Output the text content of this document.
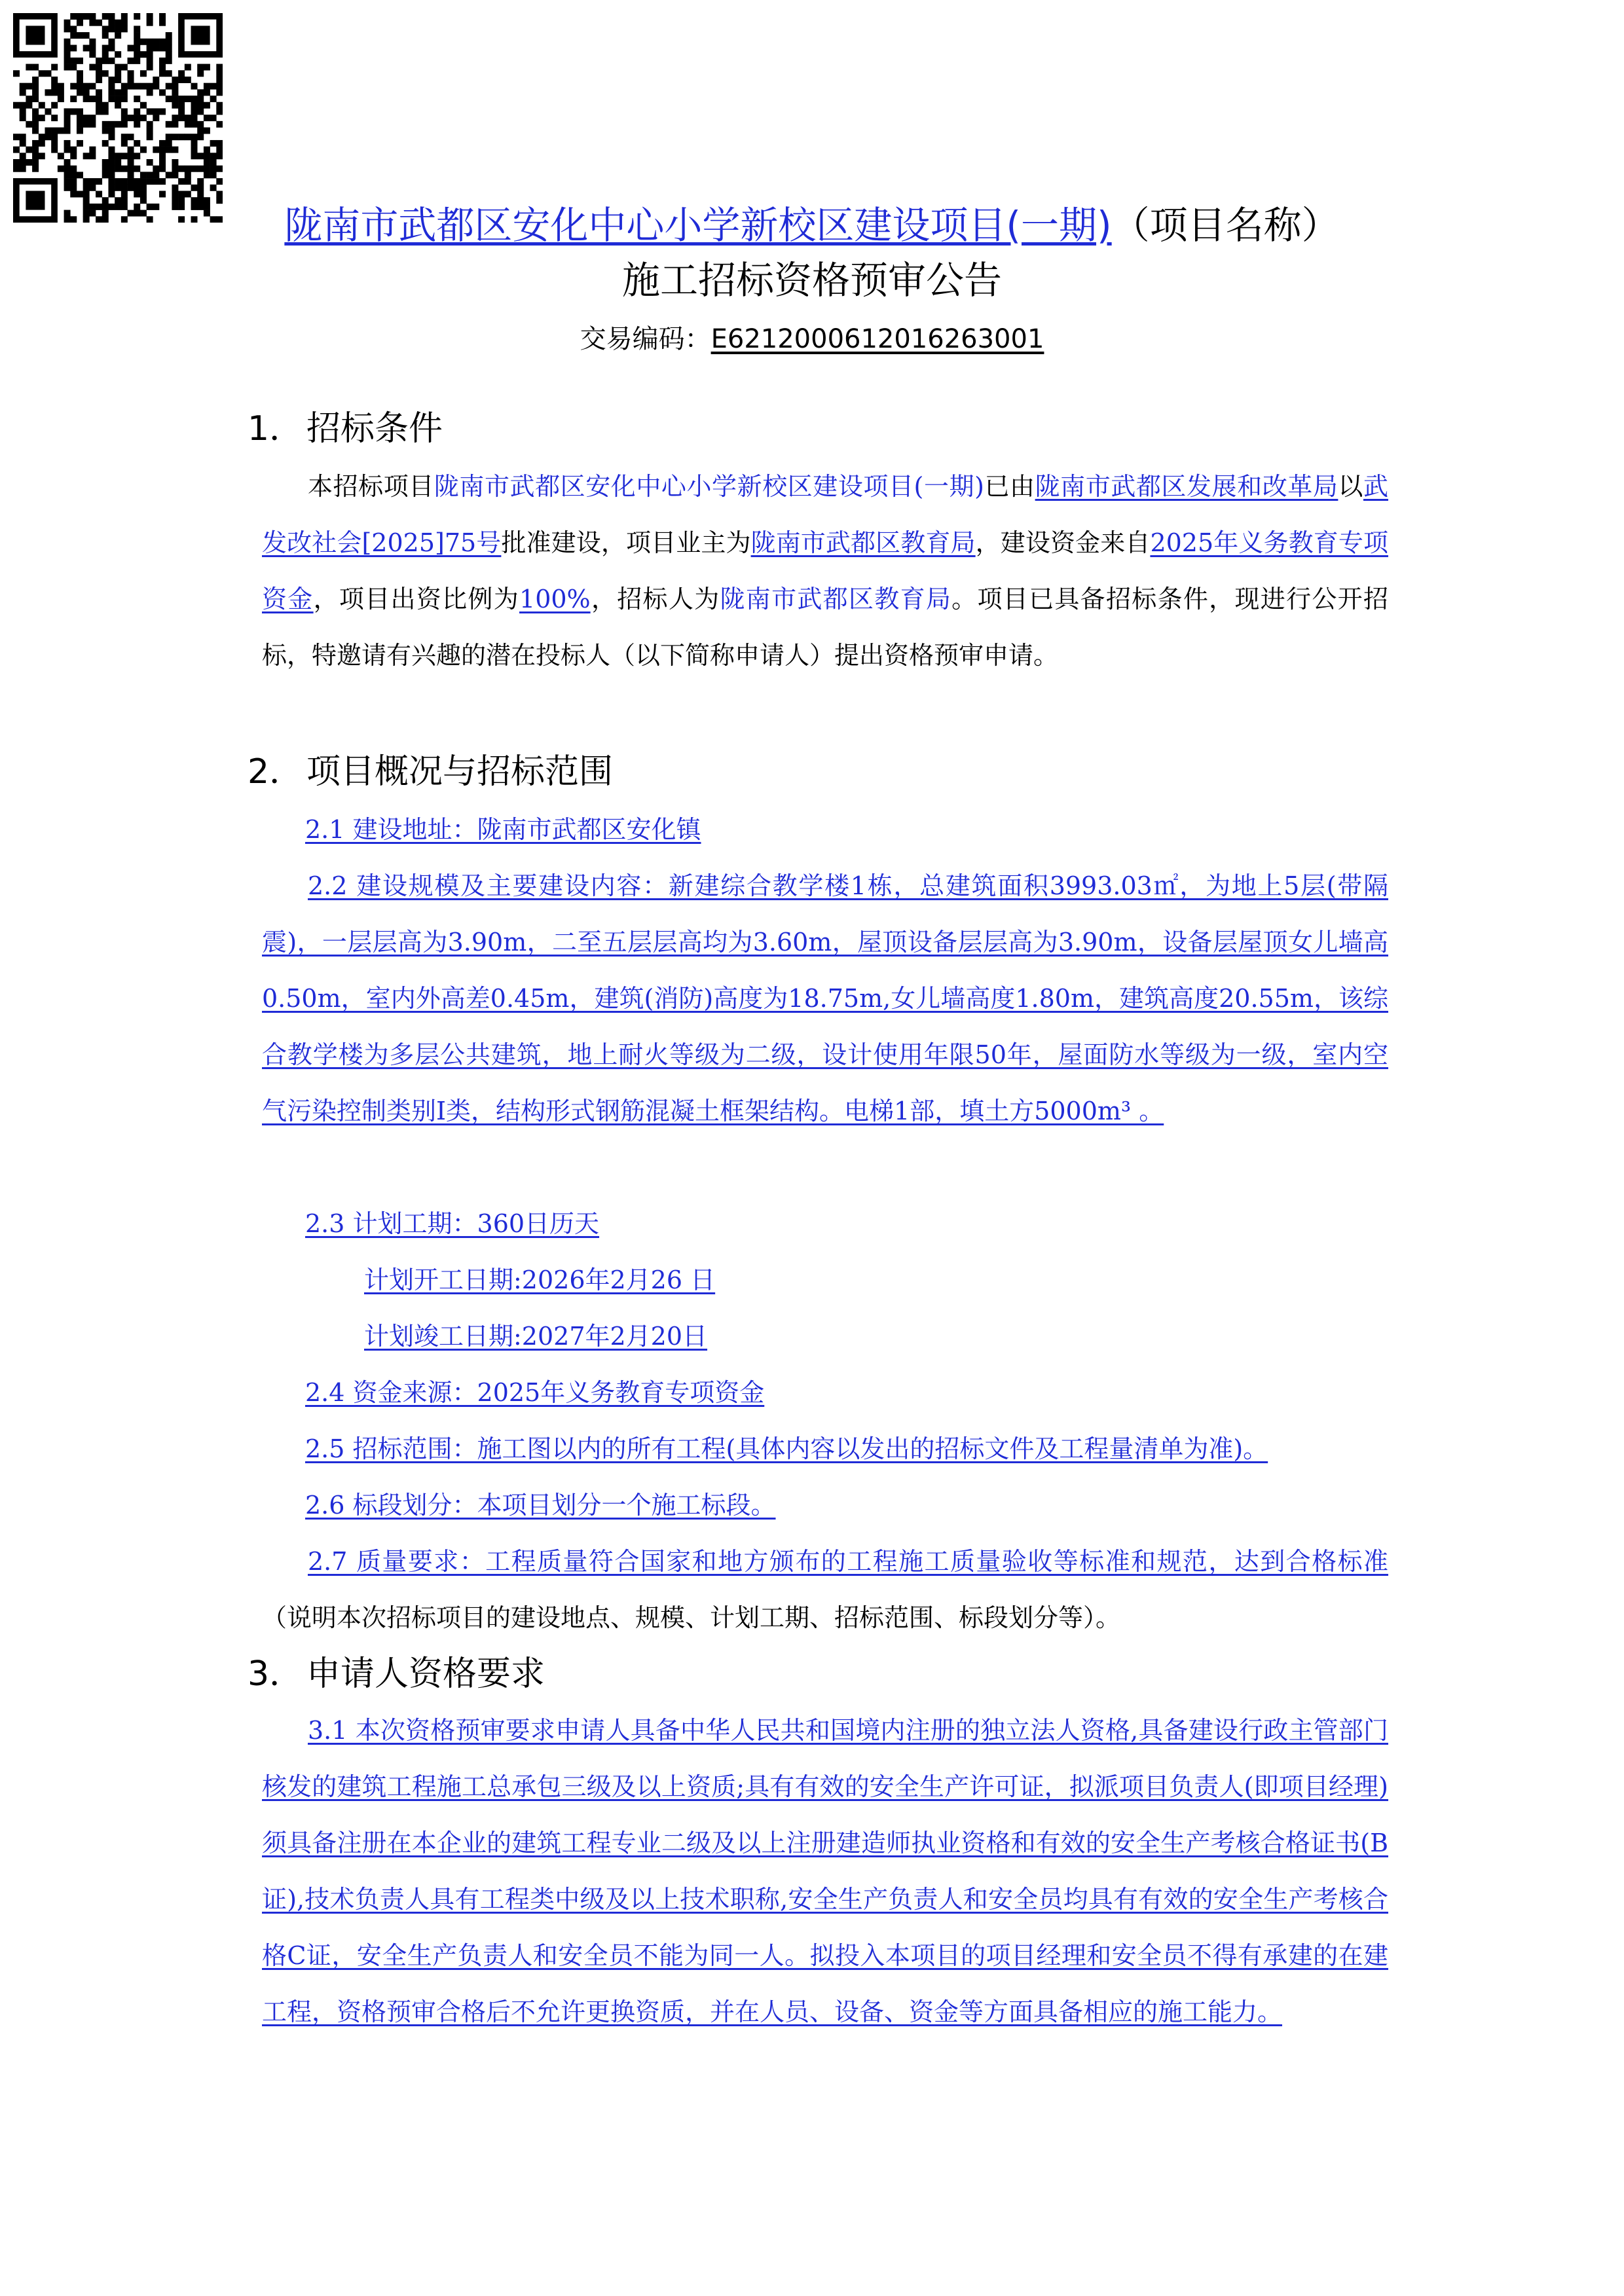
陇南市武都区安化中心小学新校区建设项目(一期)（项目名称）
施工招标资格预审公告
交易编码：E6212000612016263001
1．招标条件
本招标项目陇南市武都区安化中心小学新校区建设项目(一期)已由陇南市武都区发展和改革局以武发改社会[2025]75号批准建设，项目业主为陇南市武都区教育局，建设资金来自2025年义务教育专项资金，项目出资比例为100%，招标人为陇南市武都区教育局。项目已具备招标条件，现进行公开招标，特邀请有兴趣的潜在投标人（以下简称申请人）提出资格预审申请。
2．项目概况与招标范围
2.1 建设地址：陇南市武都区安化镇
2.2 建设规模及主要建设内容：新建综合教学楼1栋，总建筑面积3993.03㎡，为地上5层(带隔震)，一层层高为3.90m，二至五层层高均为3.60m，屋顶设备层层高为3.90m，设备层屋顶女儿墙高0.50m，室内外高差0.45m，建筑(消防)高度为18.75m,女儿墙高度1.80m，建筑高度20.55m，该综合教学楼为多层公共建筑，地上耐火等级为二级，设计使用年限50年，屋面防水等级为一级，室内空气污染控制类别I类，结构形式钢筋混凝土框架结构。电梯1部，填土方5000m³ 。
2.3 计划工期：360日历天
计划开工日期:2026年2月26 日
计划竣工日期:2027年2月20日
2.4 资金来源：2025年义务教育专项资金
2.5 招标范围：施工图以内的所有工程(具体内容以发出的招标文件及工程量清单为准)。
2.6 标段划分：本项目划分一个施工标段。
2.7 质量要求：工程质量符合国家和地方颁布的工程施工质量验收等标准和规范，达到合格标准（说明本次招标项目的建设地点、规模、计划工期、招标范围、标段划分等）。
3．申请人资格要求
3.1 本次资格预审要求申请人具备中华人民共和国境内注册的独立法人资格,具备建设行政主管部门核发的建筑工程施工总承包三级及以上资质;具有有效的安全生产许可证，拟派项目负责人(即项目经理)须具备注册在本企业的建筑工程专业二级及以上注册建造师执业资格和有效的安全生产考核合格证书(B证),技术负责人具有工程类中级及以上技术职称,安全生产负责人和安全员均具有有效的安全生产考核合格C证，安全生产负责人和安全员不能为同一人。拟投入本项目的项目经理和安全员不得有承建的在建工程，资格预审合格后不允许更换资质，并在人员、设备、资金等方面具备相应的施工能力。
